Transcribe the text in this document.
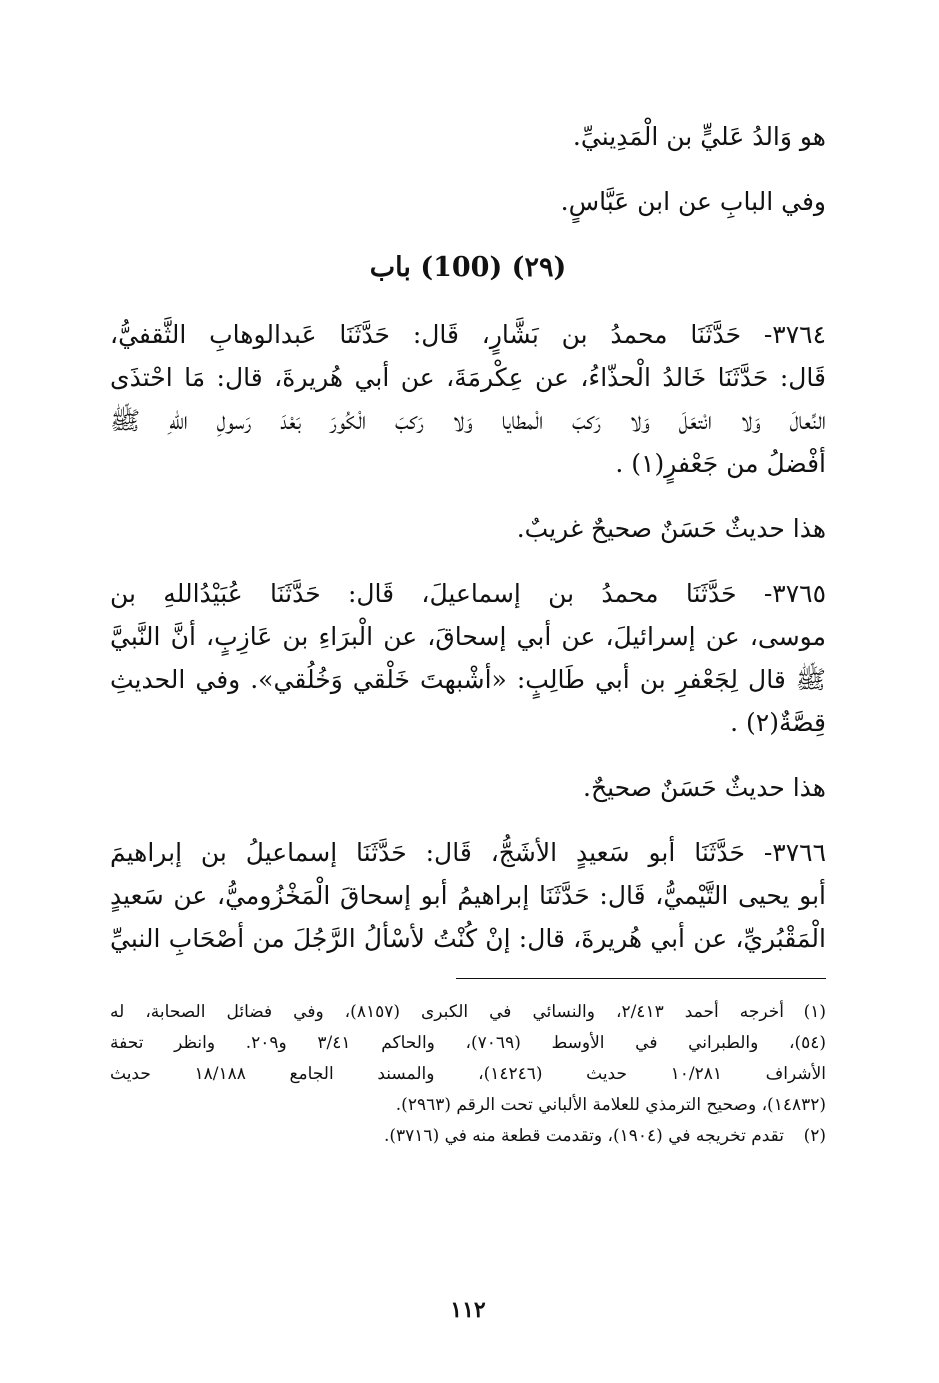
هو وَالدُ عَليٍّ بن الْمَدِينيِّ.

وفي البابِ عن ابن عَبَّاسٍ.

(٢٩) (100) باب

٣٧٦٤- حَدَّثَنَا محمدُ بن بَشَّارٍ، قَال: حَدَّثَنَا عَبدالوهابِ الثَّقفيُّ،

قَال: حَدَّثَنَا خَالدُ الْحذّاءُ، عن عِكْرمَةَ، عن أبي هُريرةَ، قال: مَا احْتذَى

النِّعالَ وَلا انْتعَلَ وَلا رَكبَ الْمطايا وَلا رَكبَ الْكُورَ بَعْدَ رَسولِ اللهِ ﷺ

أفْضلُ من جَعْفرٍ(١) .

هذا حديثٌ حَسَنٌ صحيحٌ غريبٌ.

٣٧٦٥- حَدَّثَنَا محمدُ بن إسماعيلَ، قَال: حَدَّثَنَا عُبَيْدُاللهِ بن

موسى، عن إسرائيلَ، عن أبي إسحاقَ، عن الْبرَاءِ بن عَازِبٍ، أنَّ النَّبيَّ

ﷺ قال لِجَعْفرِ بن أبي طَالِبٍ: «أشْبهتَ خَلْقي وَخُلُقي». وفي الحديثِ

قِصَّةٌ(٢) .

هذا حديثٌ حَسَنٌ صحيحٌ.

٣٧٦٦- حَدَّثَنَا أبو سَعيدٍ الأشَجُّ، قَال: حَدَّثَنَا إسماعيلُ بن إبراهيمَ

أبو يحيى التَّيْميُّ، قَال: حَدَّثَنَا إبراهيمُ أبو إسحاقَ الْمَخْزُوميُّ، عن سَعيدٍ

الْمَقْبُريِّ، عن أبي هُريرةَ، قال: إنْ كُنْتُ لأسْألُ الرَّجُلَ من أصْحَابِ النبيِّ

(١)أخرجه أحمد ٢/٤١٣، والنسائي في الكبرى (٨١٥٧)، وفي فضائل الصحابة، له

(٥٤)، والطبراني في الأوسط (٧٠٦٩)، والحاكم ٣/٤١ و٢٠٩. وانظر تحفة

الأشراف ١٠/٢٨١ حديث (١٤٢٤٦)، والمسند الجامع ١٨/١٨٨ حديث

(١٤٨٣٢)، وصحيح الترمذي للعلامة الألباني تحت الرقم (٢٩٦٣).

(٢)تقدم تخريجه في (١٩٠٤)، وتقدمت قطعة منه في (٣٧١٦).

١١٢
